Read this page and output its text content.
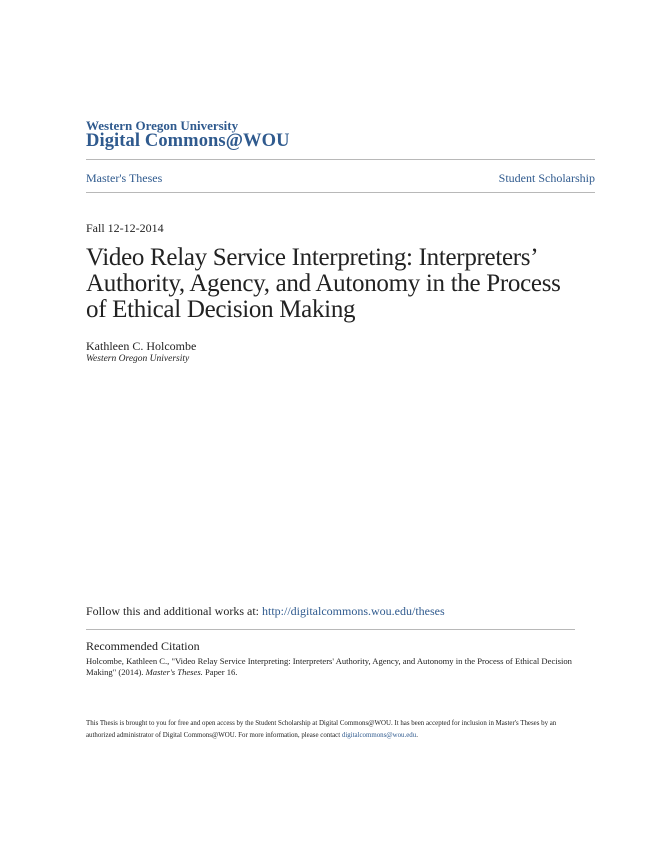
Western Oregon University
Digital Commons@WOU
Master's Theses	Student Scholarship
Fall 12-12-2014
Video Relay Service Interpreting: Interpreters’ Authority, Agency, and Autonomy in the Process of Ethical Decision Making
Kathleen C. Holcombe
Western Oregon University
Follow this and additional works at: http://digitalcommons.wou.edu/theses
Recommended Citation
Holcombe, Kathleen C., "Video Relay Service Interpreting: Interpreters' Authority, Agency, and Autonomy in the Process of Ethical Decision Making" (2014). Master's Theses. Paper 16.
This Thesis is brought to you for free and open access by the Student Scholarship at Digital Commons@WOU. It has been accepted for inclusion in Master's Theses by an authorized administrator of Digital Commons@WOU. For more information, please contact digitalcommons@wou.edu.
